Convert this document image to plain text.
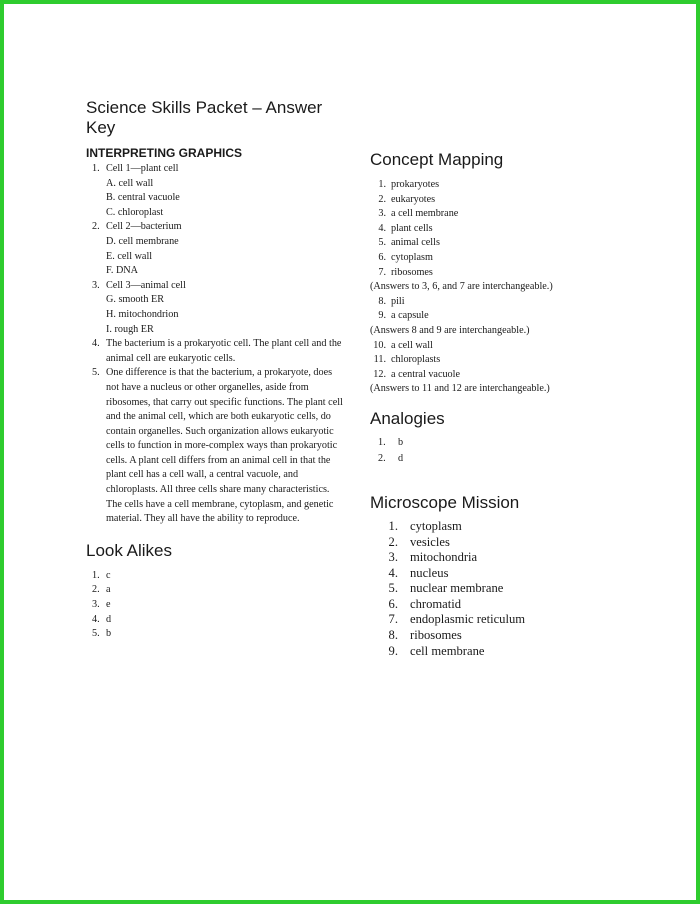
Science Skills Packet – Answer Key
INTERPRETING GRAPHICS
1. Cell 1—plant cell
A. cell wall
B. central vacuole
C. chloroplast
2. Cell 2—bacterium
D. cell membrane
E. cell wall
F. DNA
3. Cell 3—animal cell
G. smooth ER
H. mitochondrion
I. rough ER
4. The bacterium is a prokaryotic cell. The plant cell and the animal cell are eukaryotic cells.
5. One difference is that the bacterium, a prokaryote, does not have a nucleus or other organelles, aside from ribosomes, that carry out specific functions. The plant cell and the animal cell, which are both eukaryotic cells, do contain organelles. Such organization allows eukaryotic cells to function in more-complex ways than prokaryotic cells. A plant cell differs from an animal cell in that the plant cell has a cell wall, a central vacuole, and chloroplasts. All three cells share many characteristics. The cells have a cell membrane, cytoplasm, and genetic material. They all have the ability to reproduce.
Look Alikes
1. c
2. a
3. e
4. d
5. b
Concept Mapping
1. prokaryotes
2. eukaryotes
3. a cell membrane
4. plant cells
5. animal cells
6. cytoplasm
7. ribosomes
(Answers to 3, 6, and 7 are interchangeable.)
8. pili
9. a capsule
(Answers 8 and 9 are interchangeable.)
10. a cell wall
11. chloroplasts
12. a central vacuole
(Answers to 11 and 12 are interchangeable.)
Analogies
1.	b
2.	d
Microscope Mission
1. cytoplasm
2. vesicles
3. mitochondria
4. nucleus
5. nuclear membrane
6. chromatid
7. endoplasmic reticulum
8. ribosomes
9. cell membrane
